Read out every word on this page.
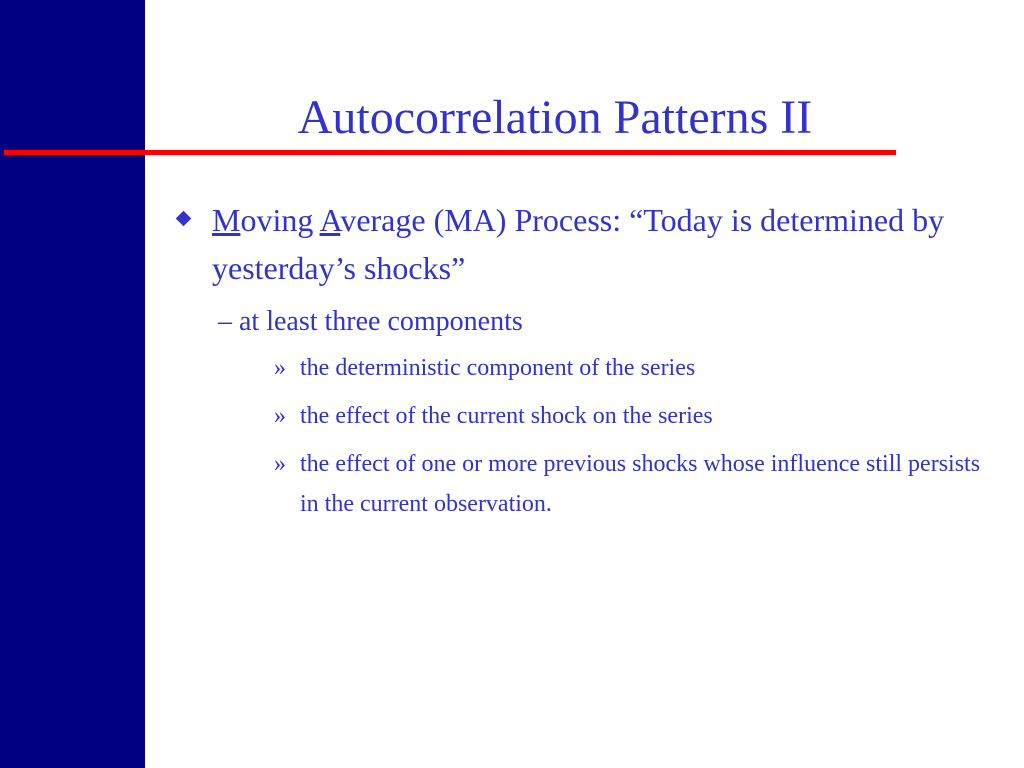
Autocorrelation Patterns II
Moving Average (MA) Process: “Today is determined by yesterday’s shocks”
– at least three components
» the deterministic component of the series
» the effect of the current shock on the series
» the effect of one or more previous shocks whose influence still persists in the current observation.
